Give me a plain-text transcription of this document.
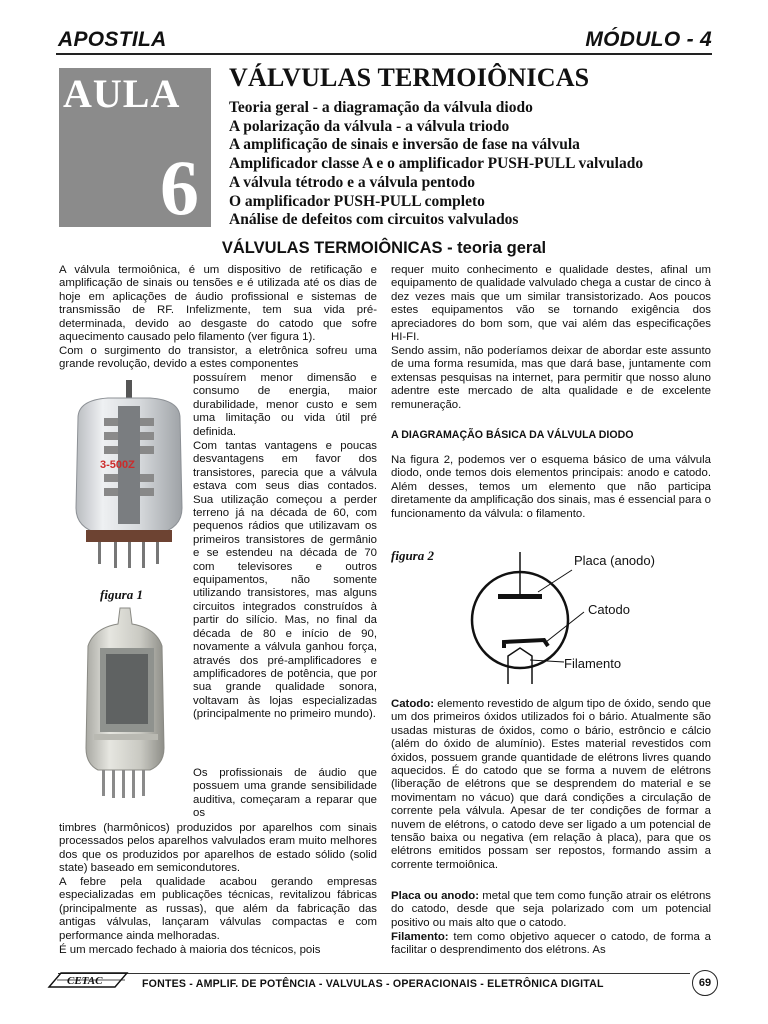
APOSTILA	MÓDULO - 4
AULA
6
VÁLVULAS TERMOIÔNICAS
Teoria geral - a diagramação da válvula diodo
A polarização da válvula - a válvula triodo
A amplificação de sinais e inversão de fase na válvula
Amplificador classe A e o amplificador PUSH-PULL valvulado
A válvula tétrodo e a válvula pentodo
O amplificador PUSH-PULL completo
Análise de defeitos com circuitos valvulados
VÁLVULAS TERMOIÔNICAS - teoria geral

A válvula termoiônica, é um dispositivo de retificação e amplificação de sinais ou tensões e é utilizada até os dias de hoje em aplicações de áudio profissional e sistemas de transmissão de RF. Infelizmente, tem sua vida pré-determinada, devido ao desgaste do catodo que sofre aquecimento causado pelo filamento (ver figura 1).

Com o surgimento do transistor, a eletrônica sofreu uma grande revolução, devido a estes componentes

possuírem menor dimensão e consumo de energia, maior durabilidade, menor custo e sem uma limitação ou vida útil pré definida.

Com tantas vantagens e poucas desvantagens em favor dos transistores, parecia que a válvula estava com seus dias contados. Sua utilização começou a perder terreno já na década de 60, com pequenos rádios que utilizavam os primeiros transistores de germânio e se estendeu na década de 70 com televisores e outros equipamentos, não somente utilizando transistores, mas alguns circuitos integrados construídos à partir do silício. Mas, no final da década de 80 e início de 90, novamente a válvula ganhou força, através dos pré-amplificadores e amplificadores de potência, que por sua grande qualidade sonora, voltavam às lojas especializadas (principalmente no primeiro mundo).

Os profissionais de áudio que possuem uma grande sensibilidade auditiva, começaram a reparar que os

timbres (harmônicos) produzidos por aparelhos com sinais processados pelos aparelhos valvulados eram muito melhores dos que os produzidos por aparelhos de estado sólido (solid state) baseado em semicondutores.

A febre pela qualidade acabou gerando empresas especializadas em publicações técnicas, revitalizou fábricas (principalmente as russas), que além da fabricação das antigas válvulas, lançaram válvulas compactas e com performance ainda melhoradas.

É um mercado fechado à maioria dos técnicos, pois

3-500Z
figura 1

requer muito conhecimento e qualidade destes, afinal um equipamento de qualidade valvulado chega a custar de cinco à dez vezes mais que um similar transistorizado. Aos poucos estes equipamentos vão se tornando exigência dos apreciadores do bom som, que vai além das especificações HI-FI.

Sendo assim, não poderíamos deixar de abordar este assunto de uma forma resumida, mas que dará base, juntamente com extensas pesquisas na internet, para permitir que nosso aluno adentre este mercado de alta qualidade e de excelente remuneração.

A DIAGRAMAÇÃO BÁSICA DA VÁLVULA DIODO

Na figura 2, podemos ver o esquema básico de uma válvula diodo, onde temos dois elementos principais: anodo e catodo. Além desses, temos um elemento que não participa diretamente da amplificação dos sinais, mas é essencial para o funcionamento da válvula: o filamento.

figura 2	Placa (anodo)
Catodo
Filamento

Catodo: elemento revestido de algum tipo de óxido, sendo que um dos primeiros óxidos utilizados foi o bário. Atualmente são usadas misturas de óxidos, como o bário, estrôncio e cálcio (além do óxido de alumínio). Estes material revestidos com óxidos, possuem grande quantidade de elétrons livres quando aquecidos. É do catodo que se forma a nuvem de elétrons (liberação de elétrons que se desprendem do material e se movimentam no vácuo) que dará condições a circulação de corrente pela válvula. Apesar de ter condições de formar a nuvem de elétrons, o catodo deve ser ligado a um potencial de tensão baixa ou negativa (em relação à placa), para que os elétrons emitidos possam ser repostos, formando assim a corrente termoiônica.

Placa ou anodo: metal que tem como função atrair os elétrons do catodo, desde que seja polarizado com um potencial positivo ou mais alto que o catodo.

Filamento: tem como objetivo aquecer o catodo, de forma a facilitar o desprendimento dos elétrons. As

CETAC	FONTES - AMPLIF. DE POTÊNCIA - VALVULAS - OPERACIONAIS - ELETRÔNICA DIGITAL	69
